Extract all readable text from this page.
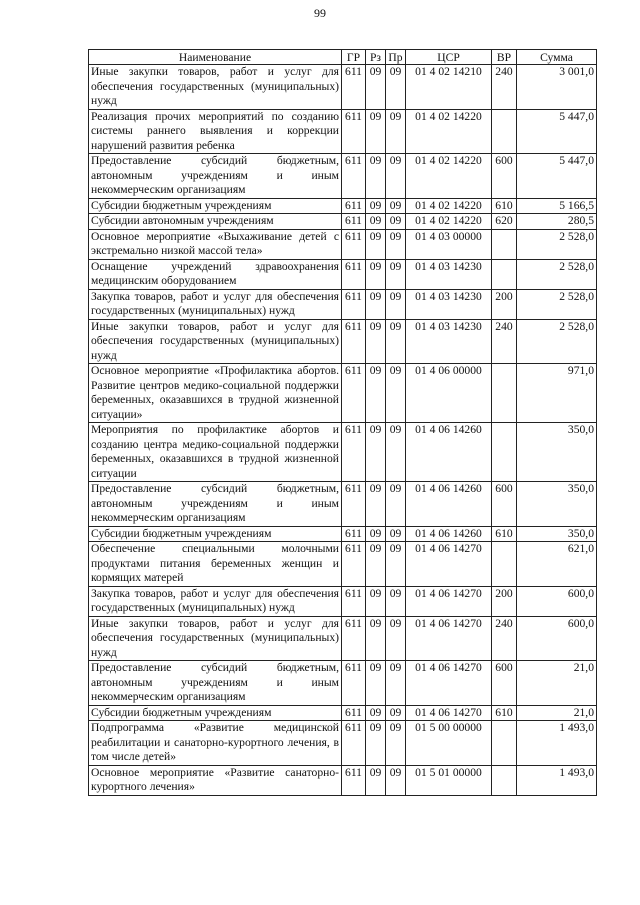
99
Наименование	ГР	Рз	Пр	ЦСР	ВР	Сумма
Иные закупки товаров, работ и услуг для обеспечения государственных (муниципальных) нужд	611	09	09	01 4 02 14210	240	3 001,0
Реализация прочих мероприятий по созданию системы раннего выявления и коррекции нарушений развития ребенка	611	09	09	01 4 02 14220		5 447,0
Предоставление субсидий бюджетным, автономным учреждениям и иным некоммерческим организациям	611	09	09	01 4 02 14220	600	5 447,0
Субсидии бюджетным учреждениям	611	09	09	01 4 02 14220	610	5 166,5
Субсидии автономным учреждениям	611	09	09	01 4 02 14220	620	280,5
Основное мероприятие «Выхаживание детей с экстремально низкой массой тела»	611	09	09	01 4 03 00000		2 528,0
Оснащение учреждений здравоохранения медицинским оборудованием	611	09	09	01 4 03 14230		2 528,0
Закупка товаров, работ и услуг для обеспечения государственных (муниципальных) нужд	611	09	09	01 4 03 14230	200	2 528,0
Иные закупки товаров, работ и услуг для обеспечения государственных (муниципальных) нужд	611	09	09	01 4 03 14230	240	2 528,0
Основное мероприятие «Профилактика абортов. Развитие центров медико-социальной поддержки беременных, оказавшихся в трудной жизненной ситуации»	611	09	09	01 4 06 00000		971,0
Мероприятия по профилактике абортов и созданию центра медико-социальной поддержки беременных, оказавшихся в трудной жизненной ситуации	611	09	09	01 4 06 14260		350,0
Предоставление субсидий бюджетным, автономным учреждениям и иным некоммерческим организациям	611	09	09	01 4 06 14260	600	350,0
Субсидии бюджетным учреждениям	611	09	09	01 4 06 14260	610	350,0
Обеспечение специальными молочными продуктами питания беременных женщин и кормящих матерей	611	09	09	01 4 06 14270		621,0
Закупка товаров, работ и услуг для обеспечения государственных (муниципальных) нужд	611	09	09	01 4 06 14270	200	600,0
Иные закупки товаров, работ и услуг для обеспечения государственных (муниципальных) нужд	611	09	09	01 4 06 14270	240	600,0
Предоставление субсидий бюджетным, автономным учреждениям и иным некоммерческим организациям	611	09	09	01 4 06 14270	600	21,0
Субсидии бюджетным учреждениям	611	09	09	01 4 06 14270	610	21,0
Подпрограмма «Развитие медицинской реабилитации и санаторно-курортного лечения, в том числе детей»	611	09	09	01 5 00 00000		1 493,0
Основное мероприятие «Развитие санаторно-курортного лечения»	611	09	09	01 5 01 00000		1 493,0
